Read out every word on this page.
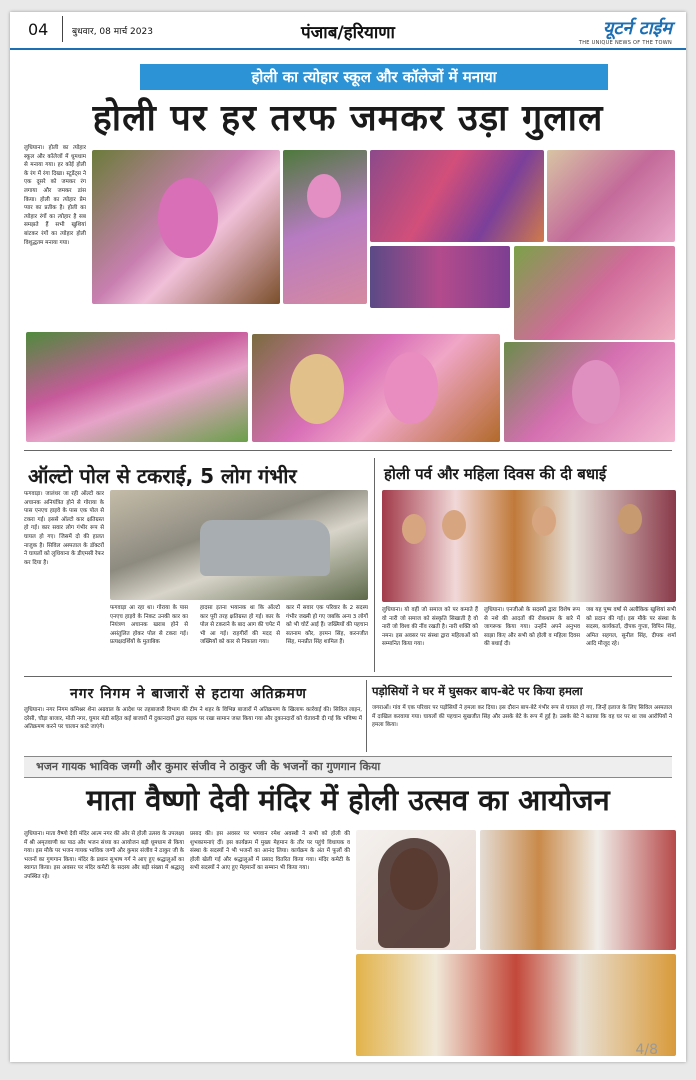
04	बुधवार, 08 मार्च 2023	पंजाब/हरियाणा	यूटर्न टाईम
THE UNIQUE NEWS OF THE TOWN
होली का त्योहार स्कूल और कॉलेजों में मनाया
होली पर हर तरफ जमकर उड़ा गुलाल
लुधियाना। होली का त्योहार स्कूल और कॉलेजों में धूमधाम से मनाया गया। हर कोई होली के रंग में रंगा दिखा। स्टूडेंट्स ने एक दूसरे को जमकर रंग लगाया और जमकर डांस किया। होली का त्योहार प्रेम प्यार का प्रतीक है। होली का त्योहार रंगों का त्योहार है सब समझते हैं सभी खुशियां बांटकर रंगों का त्योहार होली विशुद्धतम मनाया गया।
ऑल्टो पोल से टकराई, 5 लोग गंभीर
फगवाड़ा। जालंधर जा रही ऑल्टो कार अचानक अनियंत्रित होने से गोराया के पास एनएच हाइवे के पास एक पोल से टकरा गई। इससे ऑल्टो कार क्षतिग्रस्त हो गई। कार सवार लोग गंभीर रूप से घायल हो गए। जिसमें दो की हालत नाजुक है। सिविल अस्पताल के डॉक्टरों ने घायलों को लुधियाना के डीएमसी रेफर कर दिया है।
फगवाड़ा आ रहा था। गोराया के पास एनएच हाइवे के निकट उनकी कार का नियंत्रण अचानक खराब होने से असंतुलित होकर पोल से टकरा गई। प्रत्यक्षदर्शियों के मुताबिक
हादसा इतना भयानक था कि ऑल्टो कार पूरी तरह क्षतिग्रस्त हो गई। कार के पोल से टकराने के बाद आग की चपेट में भी आ गई। राहगीरों की मदद से जख्मियों को कार से निकाला गया।
कार में सवार एक परिवार के 2 सदस्य गंभीर जख्मी हो गए जबकि अन्य 3 लोगों को भी चोटें आई हैं। जख्मियों की पहचान सतनाम कौर, हरमन सिंह, करनजीत सिंह, मनप्रीत सिंह शामिल हैं।
होली पर्व और महिला दिवस की दी बधाई
लुधियाना। यो वहीं जो समाज को पर कमाते हैं वो नारी जो समाज को संस्कृति सिखाती है वो नारी जो विश्व की नींव रखती है। नारी शक्ति को नमन। इस अवसर पर संस्था द्वारा महिलाओं को सम्मानित किया गया।
लुधियाना। एनजीओ के सदस्यों द्वारा विशेष रूप से नशे की आदतों की रोकथाम के बारे में जागरूक किया गया। उन्होंने अपने अनुभव साझा किए और सभी को होली व महिला दिवस की बधाई दी।
जब यह पुष्प वर्षा से अलौकिक खुशियां सभी को प्रदान की गई। इस मौके पर संस्था के सदस्य, कार्यकर्ता, दीपक गुप्ता, विपिन सिंह, अमित सहगल, सुनील सिंह, दीपक शर्मा आदि मौजूद रहे।
नगर निगम ने बाजारों से हटाया अतिक्रमण
लुधियाना। नगर निगम कमिश्नर शेना अग्रवाल के आदेश पर तहबाजारी विभाग की टीम ने शहर के विभिन्न बाजारों में अतिक्रमण के खिलाफ कार्रवाई की। सिविल लाइन, दरेसी, चौड़ा बाजार, मोती नगर, घुमार मंडी सहित कई बाजारों में दुकानदारों द्वारा सड़क पर रखा सामान जब्त किया गया और दुकानदारों को चेतावनी दी गई कि भविष्य में अतिक्रमण करने पर चालान काटे जाएंगे।
पड़ोसियों ने घर में घुसकर बाप-बेटे पर किया हमला
जगराओं। गांव में एक परिवार पर पड़ोसियों ने हमला कर दिया। इस दौरान बाप-बेटे गंभीर रूप से घायल हो गए, जिन्हें इलाज के लिए सिविल अस्पताल में दाखिल करवाया गया। घायलों की पहचान सुखजीत सिंह और उसके बेटे के रूप में हुई है। उसके बेटे ने बताया कि वह घर पर था जब आरोपियों ने हमला किया।
भजन गायक भाविक जग्गी और कुमार संजीव ने ठाकुर जी के भजनों का गुणगान किया
माता वैष्णो देवी मंदिर में होली उत्सव का आयोजन
लुधियाना। माता वैष्णो देवी मंदिर आत्म नगर की ओर से होली उत्सव के उपलक्ष्य में श्री अमृतवाणी का पाठ और भजन संध्या का आयोजन बड़ी धूमधाम से किया गया। इस मौके पर भजन गायक भाविक जग्गी और कुमार संजीव ने ठाकुर जी के भजनों का गुणगान किया। मंदिर के प्रधान सुभाष गर्ग ने आए हुए श्रद्धालुओं का स्वागत किया। इस अवसर पर मंदिर कमेटी के सदस्य और बड़ी संख्या में श्रद्धालु उपस्थित रहे।
प्रसाद की। इस अवसर पर भगवान रमेश अवस्थी ने सभी को होली की शुभकामनाएं दीं। इस कार्यक्रम में मुख्य मेहमान के तौर पर पहुंचे विधायक व संस्था के सदस्यों ने भी भजनों का आनंद लिया। कार्यक्रम के अंत में फूलों की होली खेली गई और श्रद्धालुओं में प्रसाद वितरित किया गया। मंदिर कमेटी के सभी सदस्यों ने आए हुए मेहमानों का सम्मान भी किया गया।
4/8
